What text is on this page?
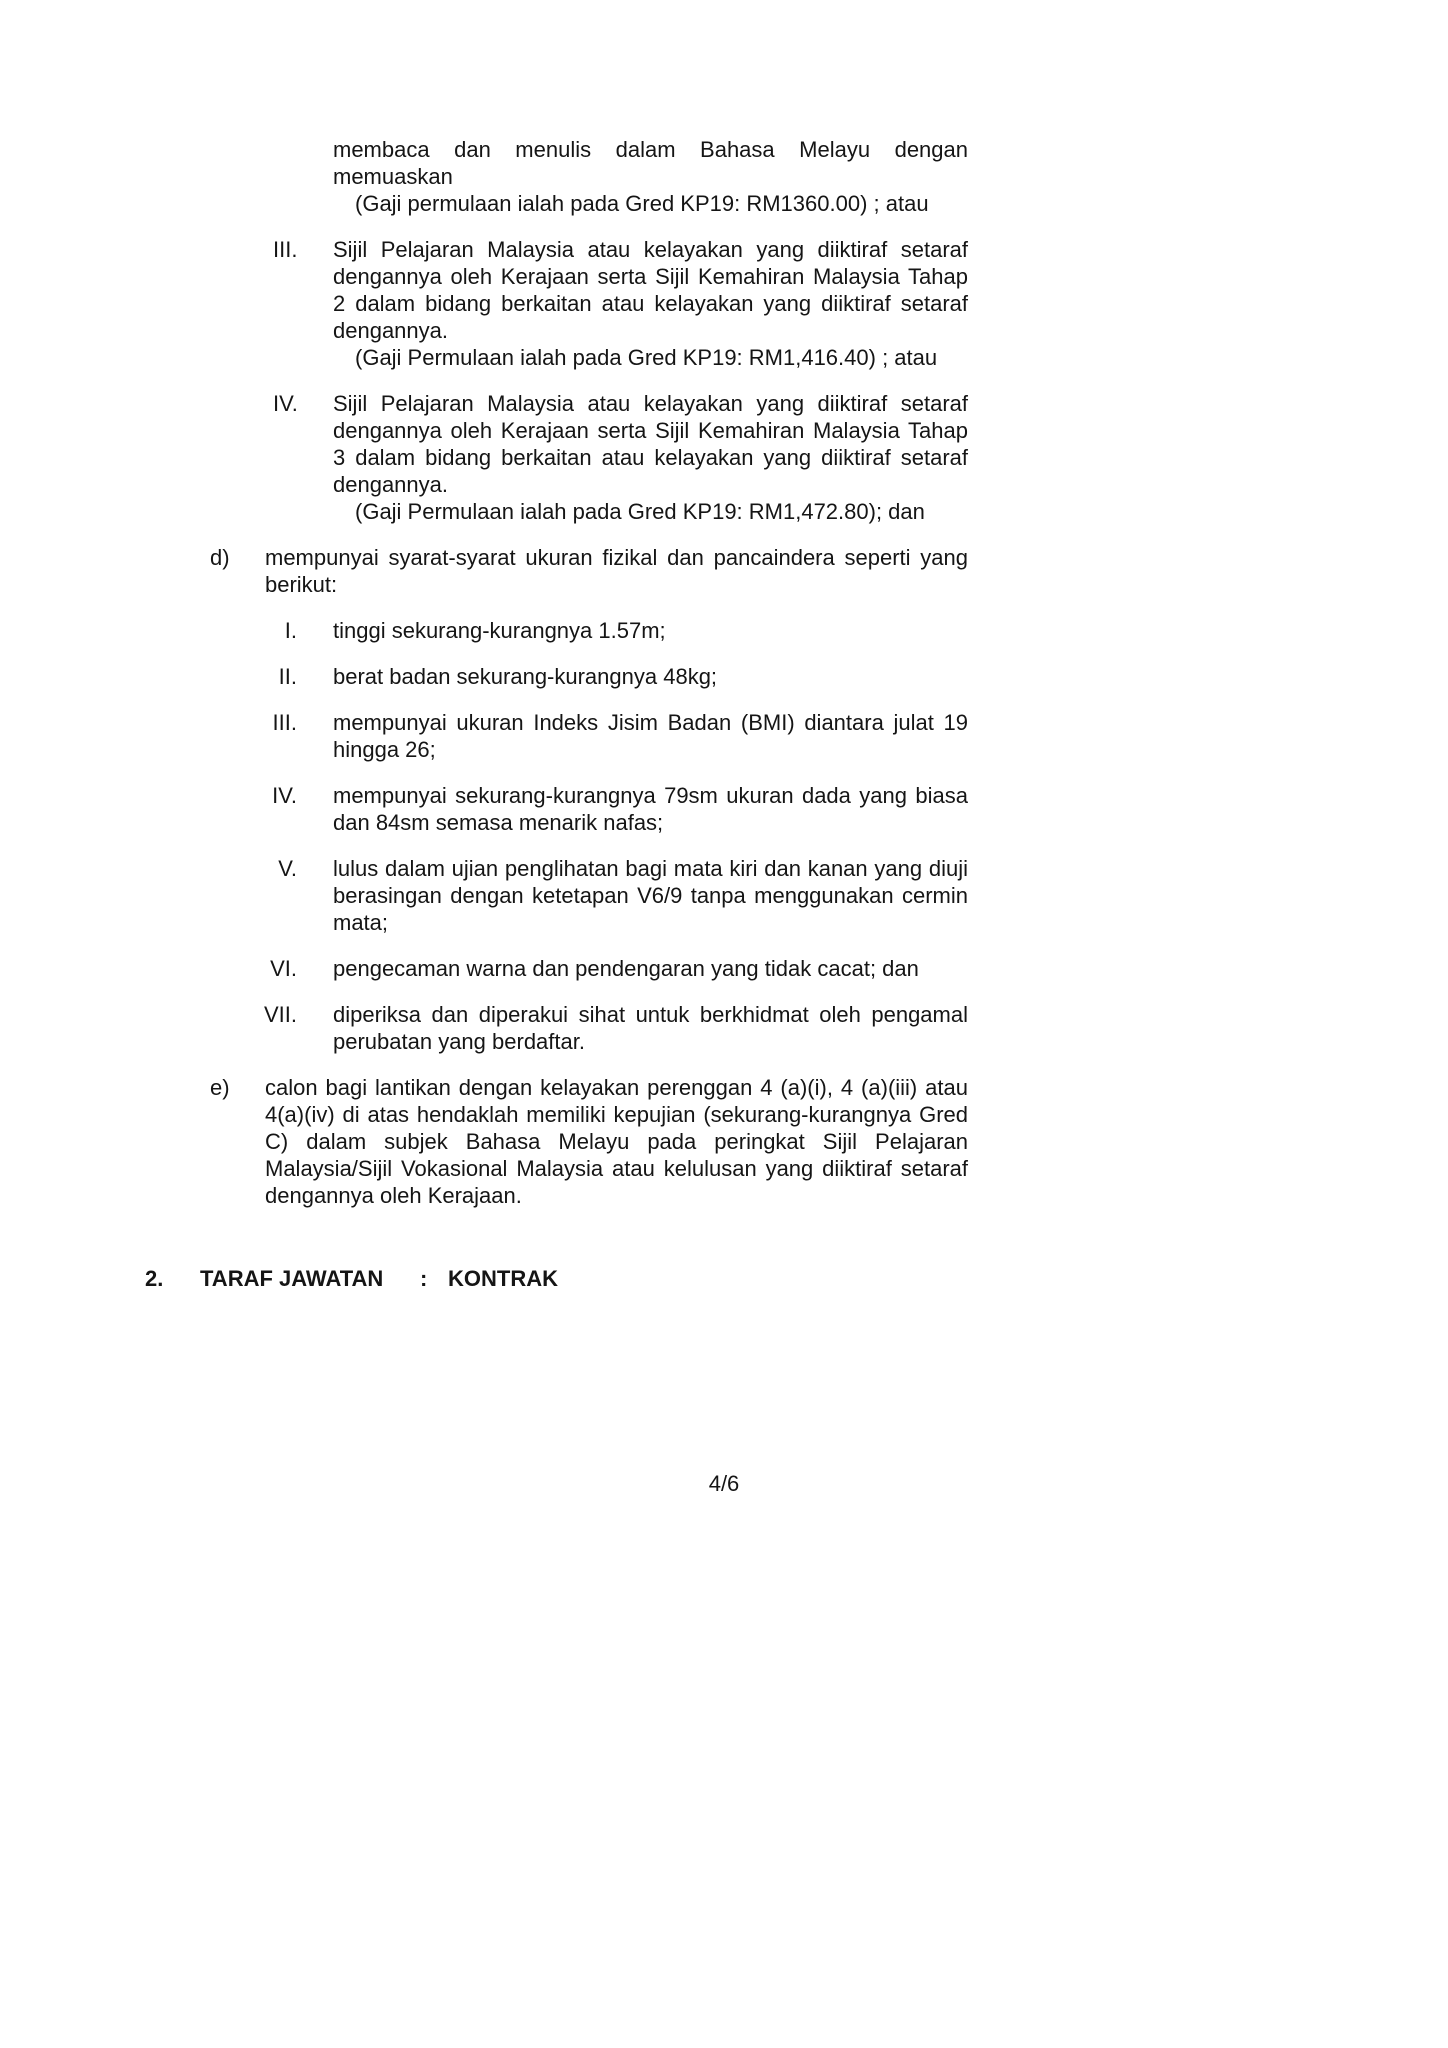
membaca dan menulis dalam Bahasa Melayu dengan memuaskan
(Gaji permulaan ialah pada Gred KP19: RM1360.00) ; atau
III.	Sijil Pelajaran Malaysia atau kelayakan yang diiktiraf setaraf dengannya oleh Kerajaan serta Sijil Kemahiran Malaysia Tahap 2 dalam bidang berkaitan atau kelayakan yang diiktiraf setaraf dengannya.
(Gaji Permulaan ialah pada Gred KP19: RM1,416.40) ; atau
IV.	Sijil Pelajaran Malaysia atau kelayakan yang diiktiraf setaraf dengannya oleh Kerajaan serta Sijil Kemahiran Malaysia Tahap 3 dalam bidang berkaitan atau kelayakan yang diiktiraf setaraf dengannya.
(Gaji Permulaan ialah pada Gred KP19: RM1,472.80); dan
d)	mempunyai syarat-syarat ukuran fizikal dan pancaindera seperti yang berikut:
I.	tinggi sekurang-kurangnya 1.57m;
II.	berat badan sekurang-kurangnya 48kg;
III.	mempunyai ukuran Indeks Jisim Badan (BMI) diantara julat 19 hingga 26;
IV.	mempunyai sekurang-kurangnya 79sm ukuran dada yang biasa dan 84sm semasa menarik nafas;
V.	lulus dalam ujian penglihatan bagi mata kiri dan kanan yang diuji berasingan dengan ketetapan V6/9 tanpa menggunakan cermin mata;
VI.	pengecaman warna dan pendengaran yang tidak cacat; dan
VII.	diperiksa dan diperakui sihat untuk berkhidmat oleh pengamal perubatan yang berdaftar.
e)	calon bagi lantikan dengan kelayakan perenggan 4 (a)(i), 4 (a)(iii) atau 4(a)(iv) di atas hendaklah memiliki kepujian (sekurang-kurangnya Gred C) dalam subjek Bahasa Melayu pada peringkat Sijil Pelajaran Malaysia/Sijil Vokasional Malaysia atau kelulusan yang diiktiraf setaraf dengannya oleh Kerajaan.
2.	TARAF JAWATAN	: KONTRAK
4/6
